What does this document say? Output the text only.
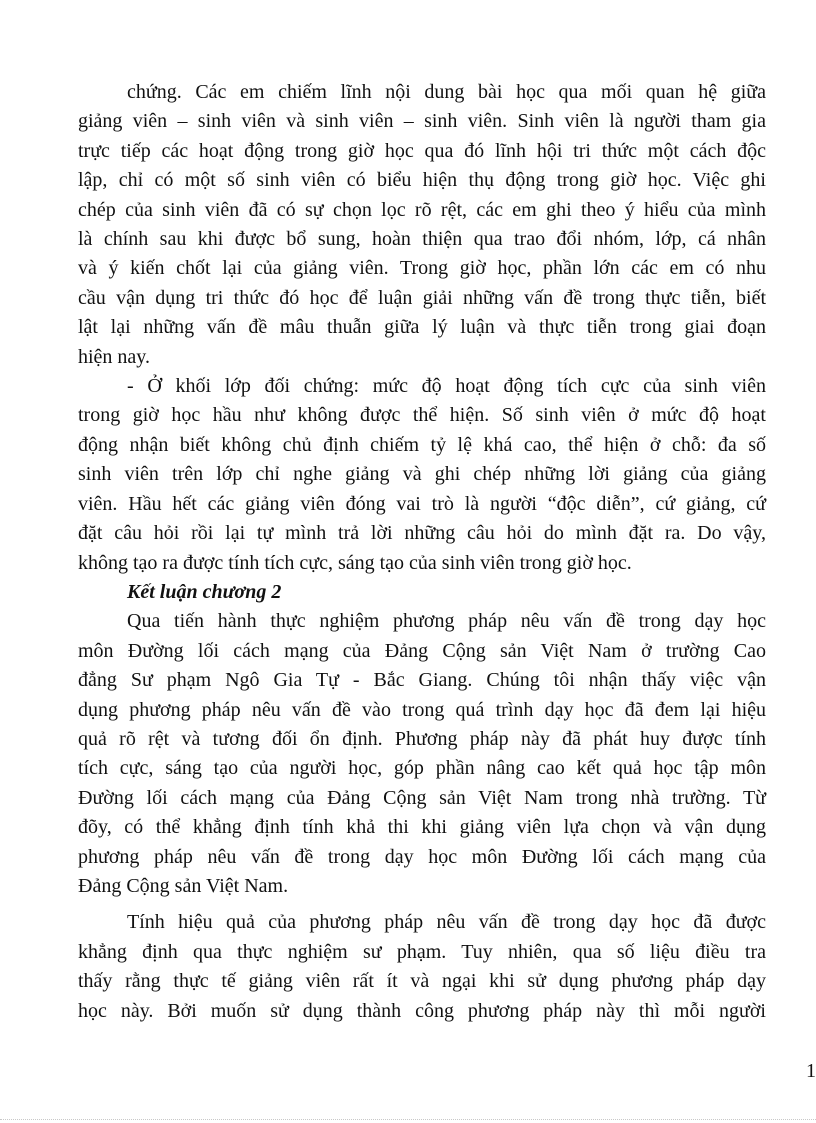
chứng. Các em chiếm lĩnh nội dung bài học qua mối quan hệ giữa
giảng viên – sinh viên và sinh viên – sinh viên. Sinh viên là người tham gia
trực tiếp các hoạt động trong giờ học qua đó lĩnh hội tri thức một cách độc
lập, chỉ có một số sinh viên có biểu hiện thụ động trong giờ học. Việc ghi
chép của sinh viên đã có sự chọn lọc rõ rệt, các em ghi theo ý hiểu của mình
là chính sau khi được bổ sung, hoàn thiện qua trao đổi nhóm, lớp, cá nhân
và ý kiến chốt lại của giảng viên. Trong giờ học, phần lớn các em có nhu
cầu vận dụng tri thức đó học để luận giải những vấn đề trong thực tiễn, biết
lật lại những vấn đề mâu thuẫn giữa lý luận và thực tiễn trong giai đoạn
hiện nay.
- Ở khối lớp đối chứng: mức độ hoạt động tích cực của sinh viên
trong giờ học hầu như không được thể hiện. Số sinh viên ở mức độ hoạt
động nhận biết không chủ định chiếm tỷ lệ khá cao, thể hiện ở chỗ: đa số
sinh viên trên lớp chỉ nghe giảng và ghi chép những lời giảng của giảng
viên. Hầu hết các giảng viên đóng vai trò là người “độc diễn”, cứ giảng, cứ
đặt câu hỏi rồi lại tự mình trả lời những câu hỏi do mình đặt ra. Do vậy,
không tạo ra được tính tích cực, sáng tạo của sinh viên trong giờ học.
Kết luận chương 2
Qua tiến hành thực nghiệm phương pháp nêu vấn đề trong dạy học
môn Đường lối cách mạng của Đảng Cộng sản Việt Nam ở trường Cao
đẳng Sư phạm Ngô Gia Tự - Bắc Giang. Chúng tôi nhận thấy việc vận
dụng phương pháp nêu vấn đề vào trong quá trình dạy học đã đem lại hiệu
quả rõ rệt và tương đối ổn định. Phương pháp này đã phát huy được tính
tích cực, sáng tạo của người học, góp phần nâng cao kết quả học tập môn
Đường lối cách mạng của Đảng Cộng sản Việt Nam trong nhà trường. Từ
đõy, có thể khẳng định tính khả thi khi giảng viên lựa chọn và vận dụng
phương pháp nêu vấn đề trong dạy học môn Đường lối cách mạng của
Đảng Cộng sản Việt Nam.
Tính hiệu quả của phương pháp nêu vấn đề trong dạy học đã được
khẳng định qua thực nghiệm sư phạm. Tuy nhiên, qua số liệu điều tra
thấy rằng thực tế giảng viên rất ít và ngại khi sử dụng phương pháp dạy
học này. Bởi muốn sử dụng thành công phương pháp này thì mỗi người
1
